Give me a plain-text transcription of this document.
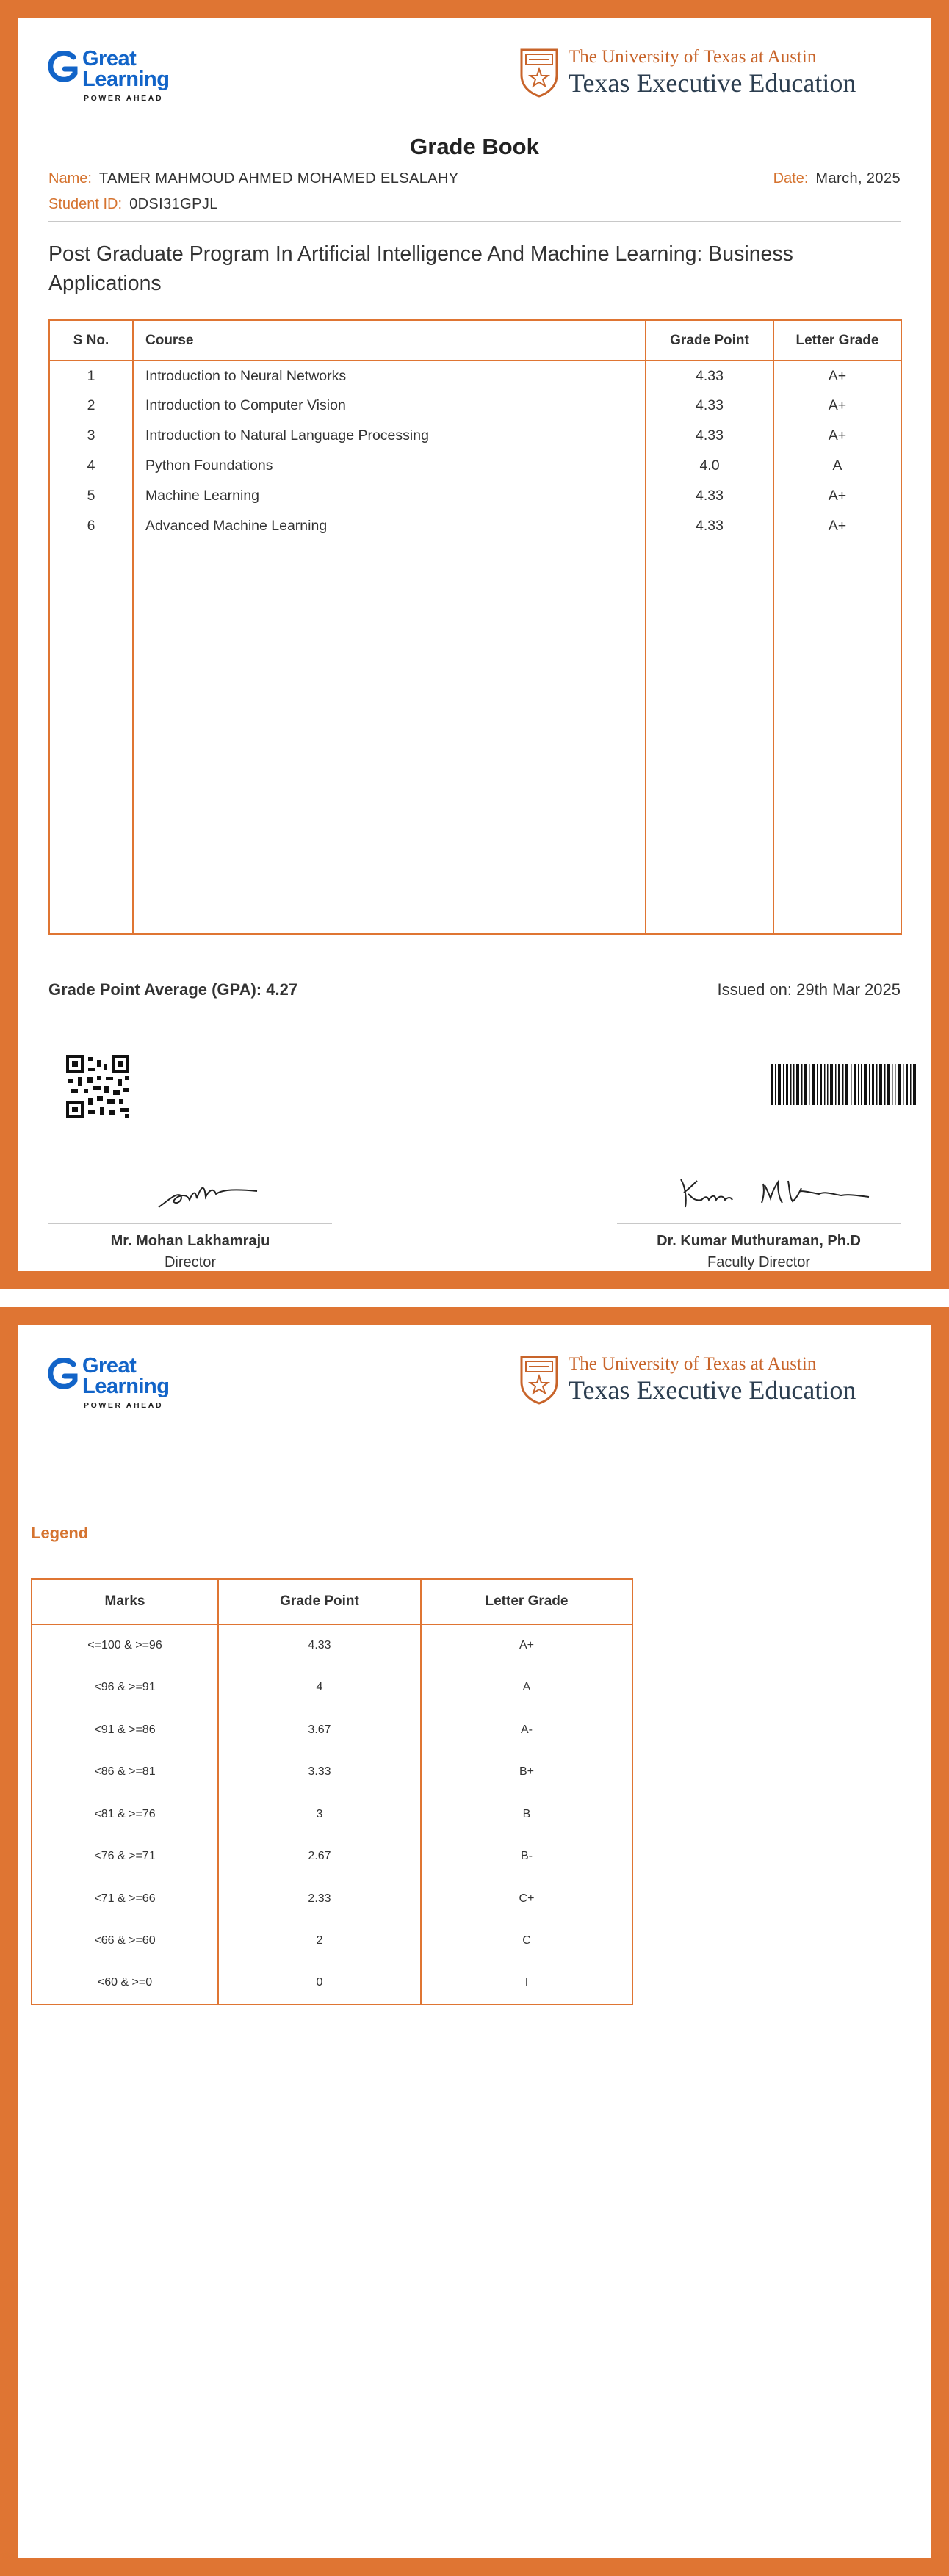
Great
Learning
POWER AHEAD
The University of Texas at Austin
Texas Executive Education
Grade Book
Name: TAMER MAHMOUD AHMED MOHAMED ELSALAHY	Date: March, 2025
Student ID: 0DSI31GPJL
Post Graduate Program In Artificial Intelligence And Machine Learning: Business Applications
S No.	Course	Grade Point	Letter Grade
1	Introduction to Neural Networks	4.33	A+
2	Introduction to Computer Vision	4.33	A+
3	Introduction to Natural Language Processing	4.33	A+
4	Python Foundations	4.0	A
5	Machine Learning	4.33	A+
6	Advanced Machine Learning	4.33	A+

Grade Point Average (GPA): 4.27	Issued on: 29th Mar 2025
Mr. Mohan Lakhamraju
Director
Dr. Kumar Muthuraman, Ph.D
Faculty Director
Great
Learning
POWER AHEAD
The University of Texas at Austin
Texas Executive Education
Legend
Marks	Grade Point	Letter Grade
<=100 & >=96	4.33	A+
<96 & >=91	4	A
<91 & >=86	3.67	A-
<86 & >=81	3.33	B+
<81 & >=76	3	B
<76 & >=71	2.67	B-
<71 & >=66	2.33	C+
<66 & >=60	2	C
<60 & >=0	0	I
